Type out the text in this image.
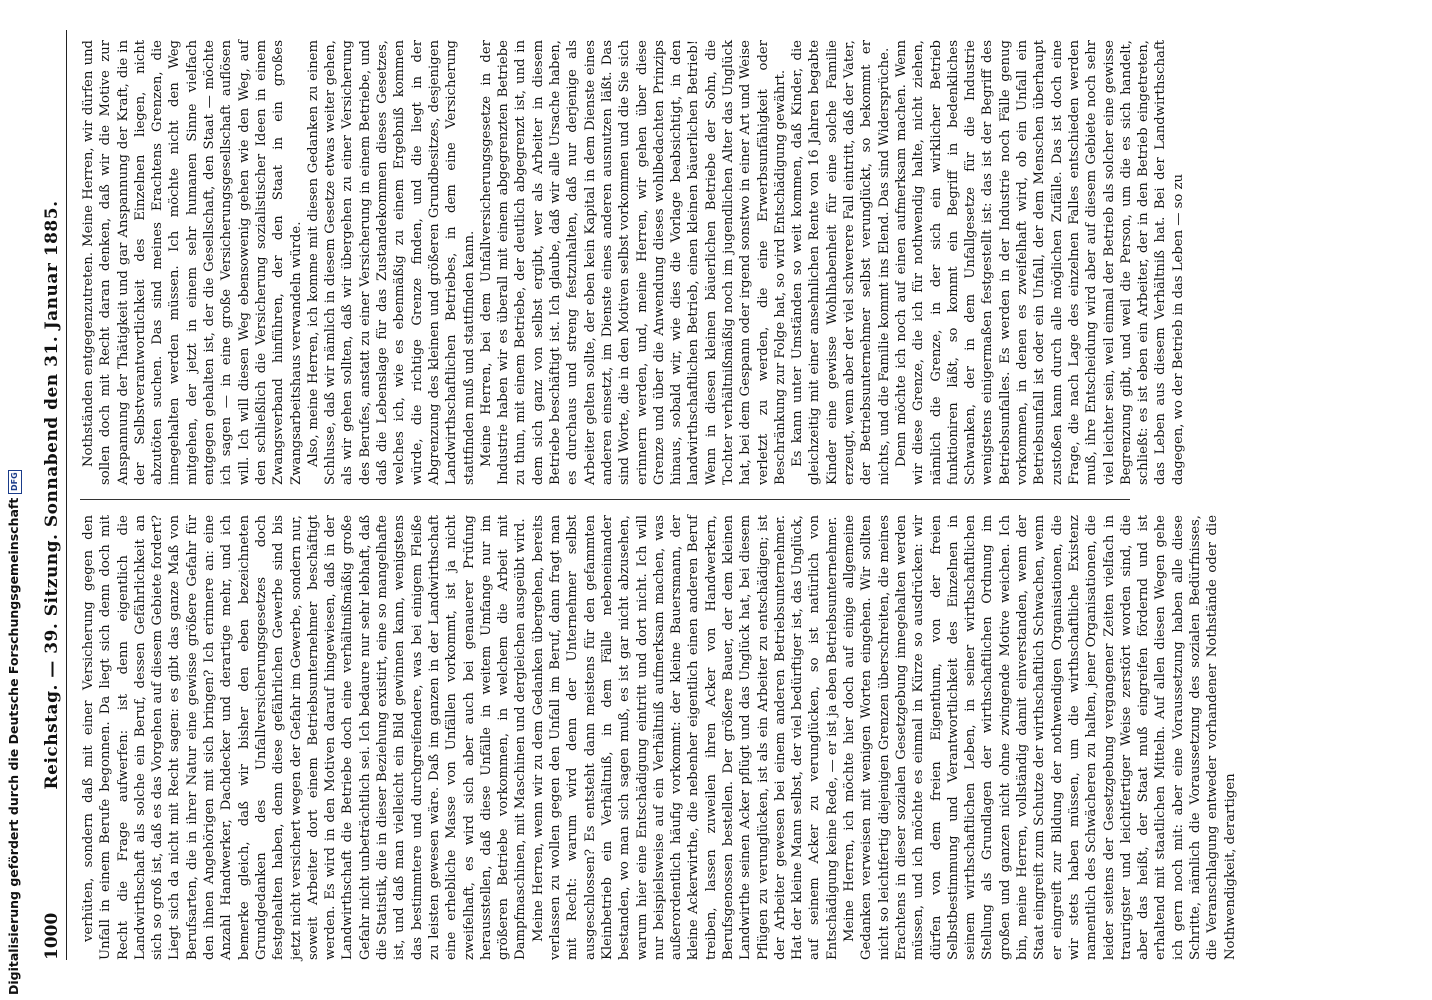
1000
Reichstag. — 39. Sitzung. Sonnabend den 31. Januar 1885. verhüten, sondern daß mit einer Versicherung gegen den Unfall in einem Berufe begonnen. Da liegt sich denn doch mit Recht die Frage aufwerfen: ist denn eigentlich die Landwirthschaft als solche ein Beruf, dessen Gefährlichkeit an sich so groß ist, daß es das Vorgehen auf diesem Gebiete fordert? Liegt sich da nicht mit Recht sagen: es gibt das ganze Maß von Berufsarten, die in ihrer Natur eine gewisse größere Gefahr für den ihnen Angehörigen mit sich bringen? Ich erinnere an: eine Anzahl Handwerker, Dachdecker und derartige mehr, und ich bemerke gleich, daß wir bisher den eben bezeichneten Grundgedanken des Unfallversicherungsgesetzes doch festgehalten haben, denn diese gefährlichen Gewerbe sind bis jetzt nicht versichert wegen der Gefahr im Gewerbe, sondern nur, soweit Arbeiter dort einem Betriebsunternehmer beschäftigt werden. Es wird in den Motiven darauf hingewiesen, daß in der Landwirthschaft die Betriebe doch eine verhältnißmäßig große Gefahr nicht unbeträchtlich sei. Ich bedaure nur sehr lebhaft, daß die Statistik, die in dieser Beziehung existirt, eine so mangelhafte ist, und daß man vielleicht ein Bild gewinnen kann, wenigstens das bestimmtere und durchgreifendere, was bei einigem Fleiße zu leisten gewesen wäre. Daß im ganzen in der Landwirthschaft eine erhebliche Masse von Unfällen vorkommt, ist ja nicht zweifelhaft, es wird sich aber auch bei genauerer Prüfung herausstellen, daß diese Unfälle in weitem Umfange nur im größeren Betriebe vorkommen, in welchem die Arbeit mit Dampfmaschinen, mit Maschinen und dergleichen ausgeübt wird. Meine Herren, wenn wir zu dem Gedanken übergehen, bereits verlassen zu wollen gegen den Unfall im Beruf, dann fragt man mit Recht: warum wird denn der Unternehmer selbst ausgeschlossen? Es entsteht dann meistens für den gefammten Kleinbetrieb ein Verhältniß, in dem Fälle nebeneinander bestanden, wo man sich sagen muß, es ist gar nicht abzusehen, warum hier eine Entschädigung eintritt und dort nicht. Ich will nur beispielsweise auf ein Verhältniß aufmerksam machen, was außerordentlich häufig vorkommt: der kleine Bauersmann, der kleine Ackerwirthe, die nebenher eigentlich einen anderen Beruf treiben, lassen zuweilen ihren Acker von Handwerkern, Berufsgenossen bestellen. Der größere Bauer, der dem kleinen Landwirthe seinen Acker pflügt und das Unglück hat, bei diesem Pflügen zu verunglücken, ist als ein Arbeiter zu entschädigen; ist der Arbeiter gewesen bei einem anderen Betriebsunternehmer. Hat der kleine Mann selbst, der viel bedürftiger ist, das Unglück, auf seinem Acker zu verunglücken, so ist natürlich von Entschädigung keine Rede, — er ist ja eben Betriebsunternehmer. Meine Herren, ich möchte hier doch auf einige allgemeine Gedanken verweisen mit wenigen Worten eingehen. Wir sollten nicht so leichtfertig diejenigen Grenzen überschreiten, die meines Erachtens in dieser sozialen Gesetzgebung innegehalten werden müssen, und ich möchte es einmal in Kürze so ausdrücken: wir dürfen von dem freien Eigenthum, von der freien Selbstbestimmung und Verantwortlichkeit des Einzelnen in seinem wirthschaftlichen Leben, in seiner wirthschaftlichen Stellung als Grundlagen der wirthschaftlichen Ordnung im großen und ganzen nicht ohne zwingende Motive weichen. Ich bin, meine Herren, vollständig damit einverstanden, wenn der Staat eingreift zum Schutze der wirthschaftlich Schwachen, wenn er eingreift zur Bildung der nothwendigen Organisationen, die wir stets haben müssen, um die wirthschaftliche Existenz namentlich des Schwächeren zu halten, jener Organisationen, die leider seitens der Gesetzgebung vergangener Zeiten vielfach in traurigster und leichtfertiger Weise zerstört worden sind, die aber das heißt, der Staat muß eingreifen fördernd und ist erhaltend mit staatlichen Mitteln. Auf allen diesen Wegen gehe ich gern noch mit: aber eine Voraussetzung haben alle diese Schritte, nämlich die Voraussetzung des sozialen Bedürfnisses, die Veranschlagung entweder vorhandener Nothstände oder die Nothwendigkeit, derartigen

Nothständen entgegenzutreten. Meine Herren, wir dürfen und sollen doch mit Recht daran denken, daß wir die Motive zur Anspannung der Thätigkeit und gar Anspannung der Kraft, die in der Selbstverantwortlichkeit des Einzelnen liegen, nicht abzutöten suchen. Das sind meines Erachtens Grenzen, die innegehalten werden müssen. Ich möchte nicht den Weg mitgehen, der jetzt in einem sehr humanen Sinne vielfach entgegen gehalten ist, der die Gesellschaft, den Staat — möchte ich sagen — in eine große Versicherungsgesellschaft auflösen will. Ich will diesen Weg ebensowenig gehen wie den Weg, auf den schließlich die Versicherung sozialistischer Ideen in einem Zwangsverband hinführen, der den Staat in ein großes Zwangsarbeitshaus verwandeln würde. Also, meine Herren, ich komme mit diesen Gedanken zu einem Schlusse, daß wir nämlich in diesem Gesetze etwas weiter gehen, als wir gehen sollten, daß wir übergehen zu einer Versicherung des Berufes, anstatt zu einer Versicherung in einem Betriebe, und daß die Lebenslage für das Zustandekommen dieses Gesetzes, welches ich, wie es ebenmäßig zu einem Ergebniß kommen würde, die richtige Grenze finden, und die liegt in der Abgrenzung des kleinen und größeren Grundbesitzes, desjenigen Landwirthschaftlichen Betriebes, in dem eine Versicherung stattfinden muß und stattfinden kann. Meine Herren, bei dem Unfallversicherungsgesetze in der Industrie haben wir es überall mit einem abgegrenzten Betriebe zu thun, mit einem Betriebe, der deutlich abgegrenzt ist, und in dem sich ganz von selbst ergibt, wer als Arbeiter in diesem Betriebe beschäftigt ist. Ich glaube, daß wir alle Ursache haben, es durchaus und streng festzuhalten, daß nur derjenige als Arbeiter gelten sollte, der eben kein Kapital in dem Dienste eines anderen einsetzt, im Dienste eines anderen ausnutzen läßt. Das sind Worte, die in den Motiven selbst vorkommen und die Sie sich erinnern werden, und, meine Herren, wir gehen über diese Grenze und über die Anwendung dieses wohlbedachten Prinzips hinaus, sobald wir, wie dies die Vorlage beabsichtigt, in den landwirthschaftlichen Betrieb, einen kleinen bäuerlichen Betrieb! Wenn in diesen kleinen bäuerlichen Betriebe der Sohn, die Tochter verhältnißmäßig noch im jugendlichen Alter das Unglück hat, bei dem Gespann oder irgend sonstwo in einer Art und Weise verletzt zu werden, die eine Erwerbsunfähigkeit oder Beschränkung zur Folge hat, so wird Entschädigung gewährt. Es kann unter Umständen so weit kommen, daß Kinder, die gleichzeitig mit einer ansehnlichen Rente von 16 Jahren begabte Kinder eine gewisse Wohlhabenheit für eine solche Familie erzeugt, wenn aber der viel schwerere Fall eintritt, daß der Vater, der Betriebsunternehmer selbst verunglückt, so bekommt er nichts, und die Familie kommt ins Elend. Das sind Widersprüche. Denn möchte ich noch auf einen aufmerksam machen. Wenn wir diese Grenze, die ich für nothwendig halte, nicht ziehen, nämlich die Grenze, in der sich ein wirklicher Betrieb funktioniren läßt, so kommt ein Begriff in bedenkliches Schwanken, der in dem Unfallgesetze für die Industrie wenigstens einigermaßen festgestellt ist: das ist der Begriff des Betriebsunfalles. Es werden in der Industrie noch Fälle genug vorkommen, in denen es zweifelhaft wird, ob ein Unfall ein Betriebsunfall ist oder ein Unfall, der dem Menschen überhaupt zustoßen kann durch alle möglichen Zufälle. Das ist doch eine Frage, die nach Lage des einzelnen Falles entschieden werden muß, ihre Entscheidung wird aber auf diesem Gebiete noch sehr viel leichter sein, weil einmal der Betrieb als solcher eine gewisse Begrenzung gibt, und weil die Person, um die es sich handelt, schließt: es ist eben ein Arbeiter, der in den Betrieb eingetreten, das Leben aus diesem Verhältniß hat. Bei der Landwirthschaft dagegen, wo der Betrieb in das Leben — so zu

Digitalisierung gefördert durch die Deutsche ForschungsgemeinschaftDFG
